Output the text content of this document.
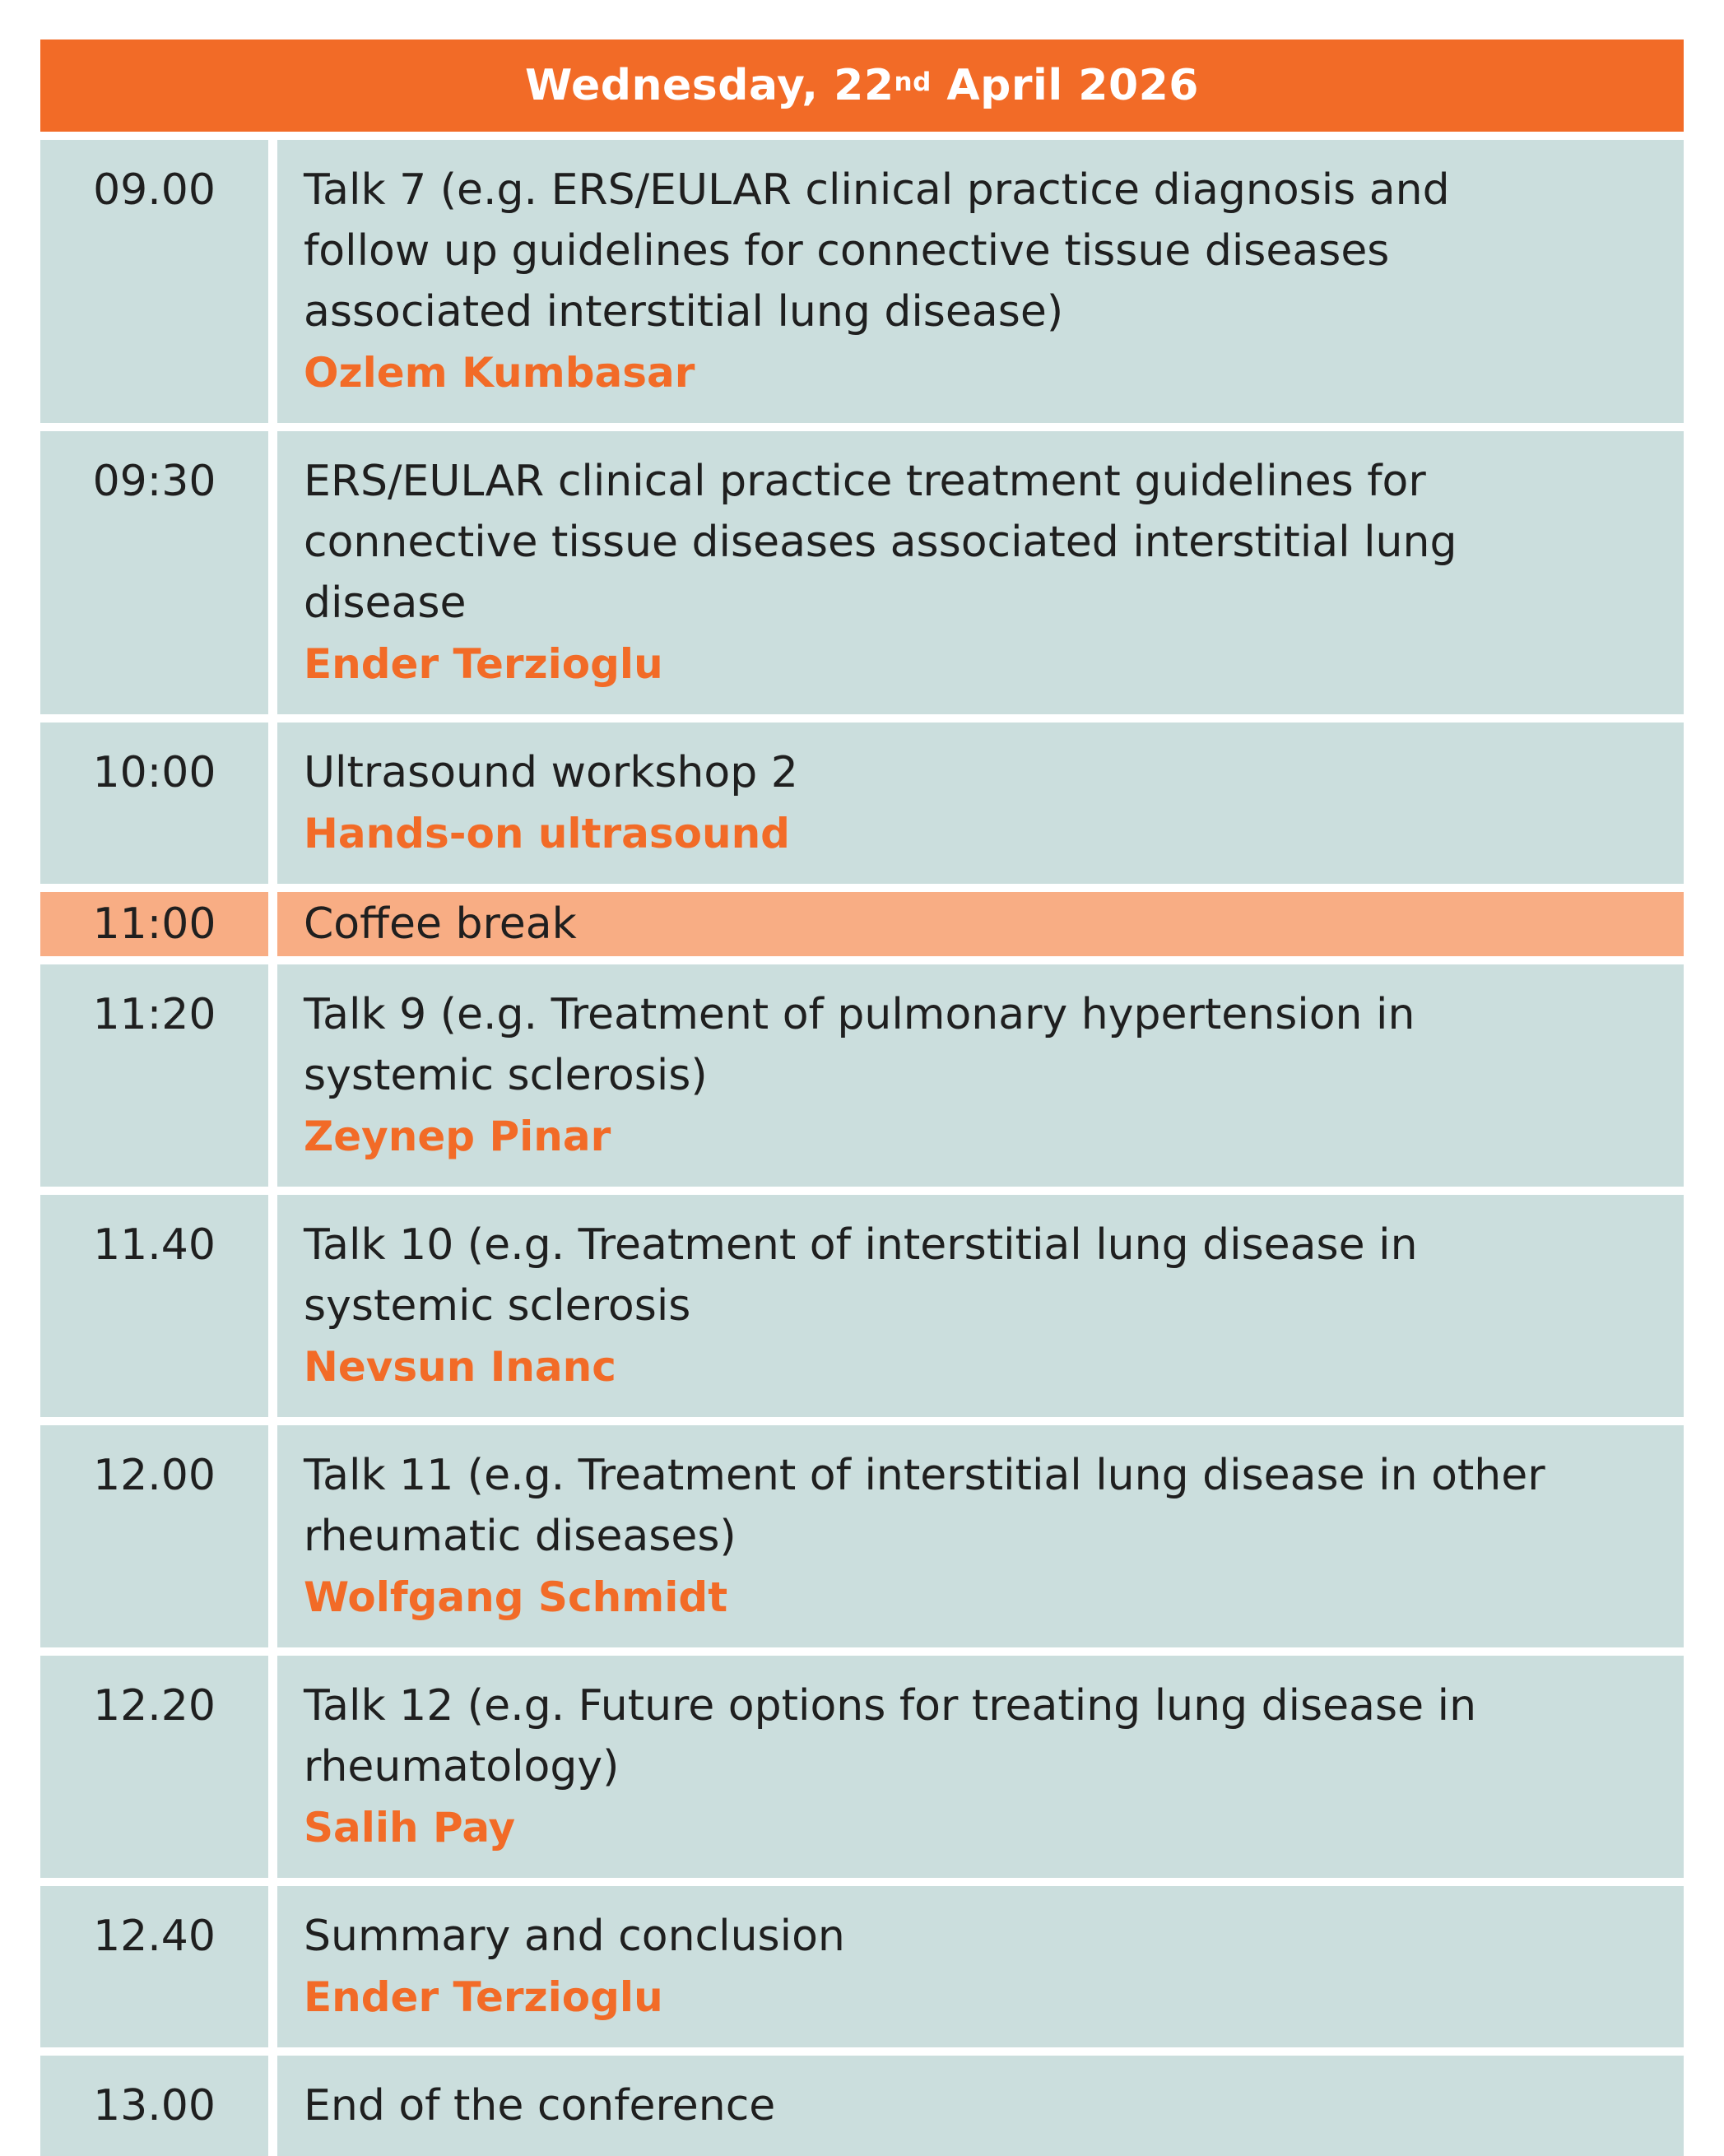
Wednesday, 22nd April 2026
09.00	Talk 7 (e.g. ERS/EULAR clinical practice diagnosis and
follow up guidelines for connective tissue diseases
associated interstitial lung disease)
Ozlem Kumbasar
09:30	ERS/EULAR clinical practice treatment guidelines for
connective tissue diseases associated interstitial lung
disease
Ender Terzioglu
10:00	Ultrasound workshop 2
Hands-on ultrasound
11:00	Coffee break
11:20	Talk 9 (e.g. Treatment of pulmonary hypertension in
systemic sclerosis)
Zeynep Pinar
11.40	Talk 10 (e.g. Treatment of interstitial lung disease in
systemic sclerosis
Nevsun Inanc
12.00	Talk 11 (e.g. Treatment of interstitial lung disease in other
rheumatic diseases)
Wolfgang Schmidt
12.20	Talk 12 (e.g. Future options for treating lung disease in
rheumatology)
Salih Pay
12.40	Summary and conclusion
Ender Terzioglu
13.00	End of the conference
